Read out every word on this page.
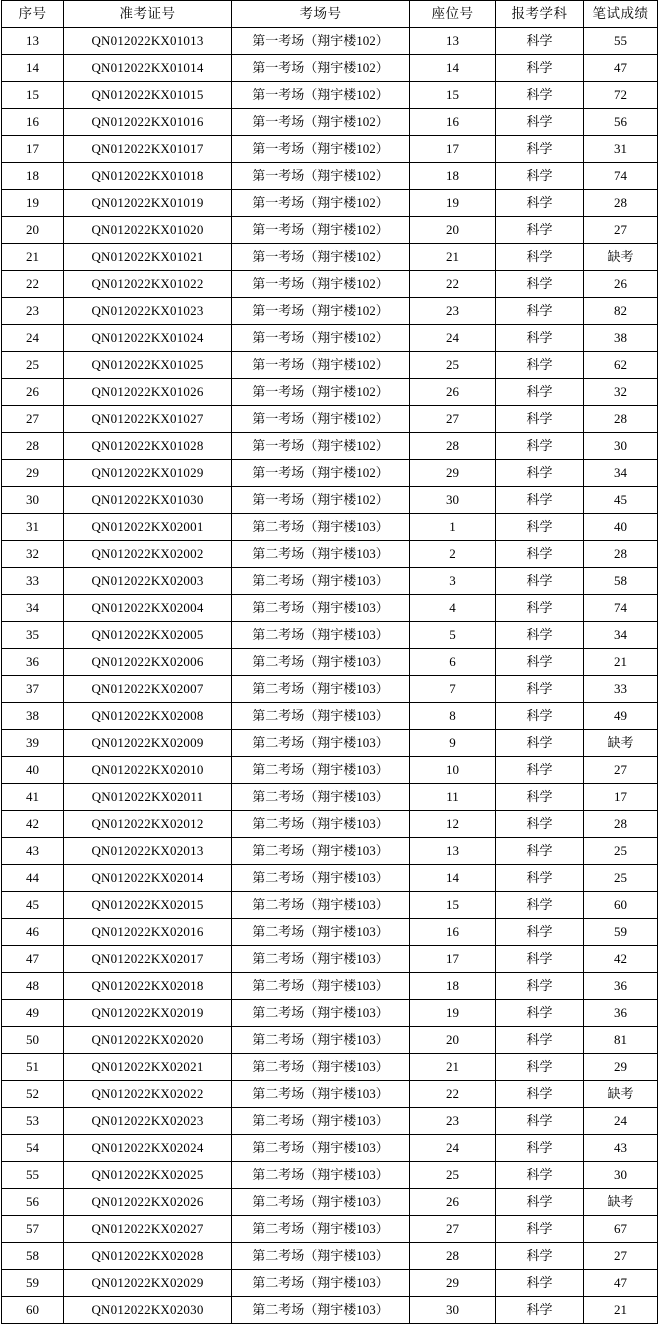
序号	准考证号	考场号	座位号	报考学科	笔试成绩
13	QN012022KX01013	第一考场（翔宇楼102）	13	科学	55
14	QN012022KX01014	第一考场（翔宇楼102）	14	科学	47
15	QN012022KX01015	第一考场（翔宇楼102）	15	科学	72
16	QN012022KX01016	第一考场（翔宇楼102）	16	科学	56
17	QN012022KX01017	第一考场（翔宇楼102）	17	科学	31
18	QN012022KX01018	第一考场（翔宇楼102）	18	科学	74
19	QN012022KX01019	第一考场（翔宇楼102）	19	科学	28
20	QN012022KX01020	第一考场（翔宇楼102）	20	科学	27
21	QN012022KX01021	第一考场（翔宇楼102）	21	科学	缺考
22	QN012022KX01022	第一考场（翔宇楼102）	22	科学	26
23	QN012022KX01023	第一考场（翔宇楼102）	23	科学	82
24	QN012022KX01024	第一考场（翔宇楼102）	24	科学	38
25	QN012022KX01025	第一考场（翔宇楼102）	25	科学	62
26	QN012022KX01026	第一考场（翔宇楼102）	26	科学	32
27	QN012022KX01027	第一考场（翔宇楼102）	27	科学	28
28	QN012022KX01028	第一考场（翔宇楼102）	28	科学	30
29	QN012022KX01029	第一考场（翔宇楼102）	29	科学	34
30	QN012022KX01030	第一考场（翔宇楼102）	30	科学	45
31	QN012022KX02001	第二考场（翔宇楼103）	1	科学	40
32	QN012022KX02002	第二考场（翔宇楼103）	2	科学	28
33	QN012022KX02003	第二考场（翔宇楼103）	3	科学	58
34	QN012022KX02004	第二考场（翔宇楼103）	4	科学	74
35	QN012022KX02005	第二考场（翔宇楼103）	5	科学	34
36	QN012022KX02006	第二考场（翔宇楼103）	6	科学	21
37	QN012022KX02007	第二考场（翔宇楼103）	7	科学	33
38	QN012022KX02008	第二考场（翔宇楼103）	8	科学	49
39	QN012022KX02009	第二考场（翔宇楼103）	9	科学	缺考
40	QN012022KX02010	第二考场（翔宇楼103）	10	科学	27
41	QN012022KX02011	第二考场（翔宇楼103）	11	科学	17
42	QN012022KX02012	第二考场（翔宇楼103）	12	科学	28
43	QN012022KX02013	第二考场（翔宇楼103）	13	科学	25
44	QN012022KX02014	第二考场（翔宇楼103）	14	科学	25
45	QN012022KX02015	第二考场（翔宇楼103）	15	科学	60
46	QN012022KX02016	第二考场（翔宇楼103）	16	科学	59
47	QN012022KX02017	第二考场（翔宇楼103）	17	科学	42
48	QN012022KX02018	第二考场（翔宇楼103）	18	科学	36
49	QN012022KX02019	第二考场（翔宇楼103）	19	科学	36
50	QN012022KX02020	第二考场（翔宇楼103）	20	科学	81
51	QN012022KX02021	第二考场（翔宇楼103）	21	科学	29
52	QN012022KX02022	第二考场（翔宇楼103）	22	科学	缺考
53	QN012022KX02023	第二考场（翔宇楼103）	23	科学	24
54	QN012022KX02024	第二考场（翔宇楼103）	24	科学	43
55	QN012022KX02025	第二考场（翔宇楼103）	25	科学	30
56	QN012022KX02026	第二考场（翔宇楼103）	26	科学	缺考
57	QN012022KX02027	第二考场（翔宇楼103）	27	科学	67
58	QN012022KX02028	第二考场（翔宇楼103）	28	科学	27
59	QN012022KX02029	第二考场（翔宇楼103）	29	科学	47
60	QN012022KX02030	第二考场（翔宇楼103）	30	科学	21
